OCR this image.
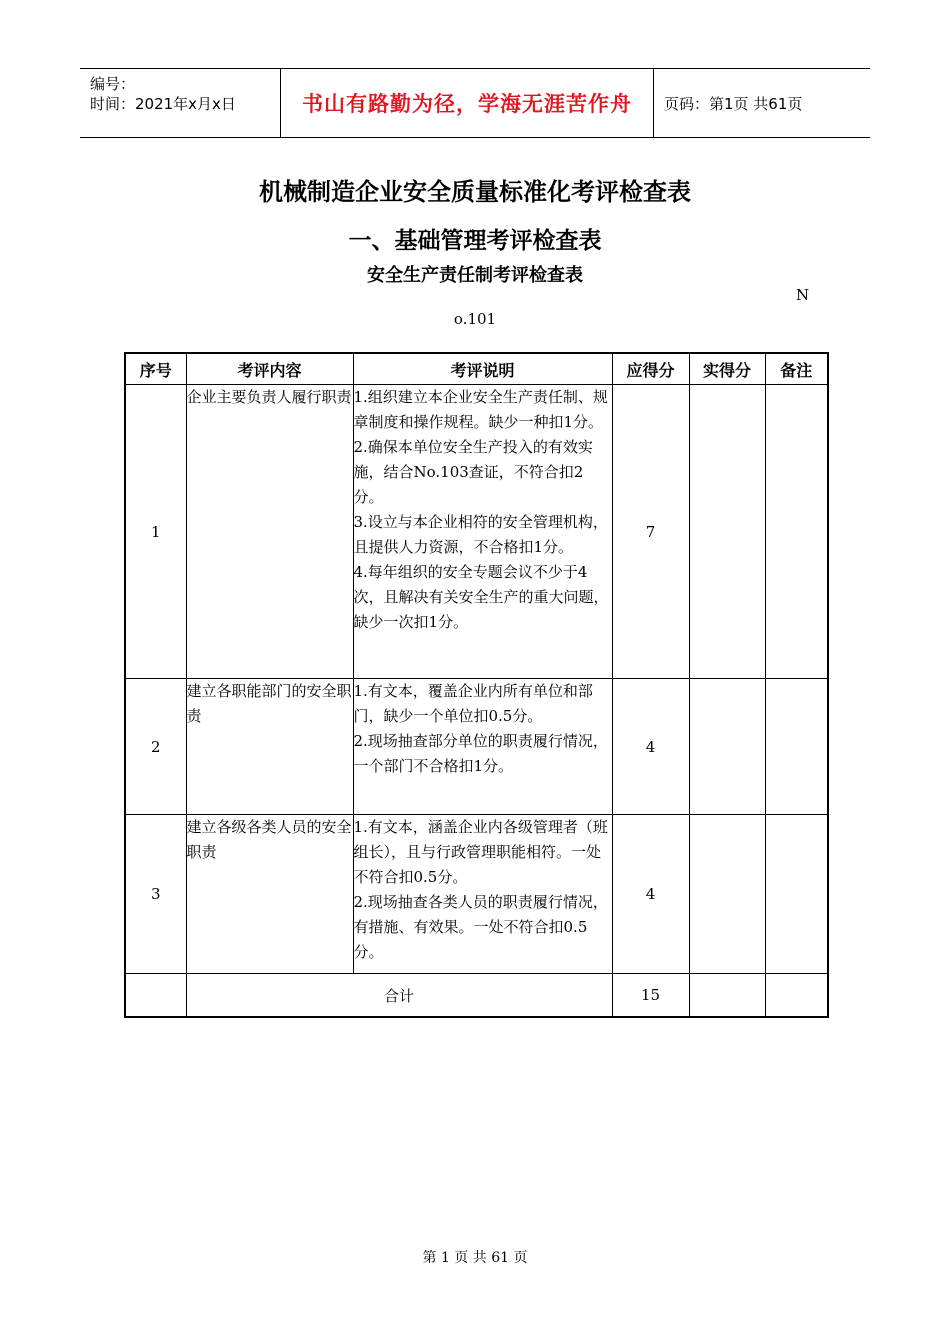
编号：
时间：2021年x月x日	书山有路勤为径，学海无涯苦作舟 页码：第1页 共61页
机械制造企业安全质量标准化考评检查表
一、基础管理考评检查表
安全生产责任制考评检查表
N
o.101
序号	考评内容	考评说明	应得分	实得分	备注
1	企业主要负责人履行职责	1.组织建立本企业安全生产责任制、规章制度和操作规程。缺少一种扣1分。
2.确保本单位安全生产投入的有效实施，结合No.103查证，不符合扣2分。
3.设立与本企业相符的安全管理机构，且提供人力资源，不合格扣1分。
4.每年组织的安全专题会议不少于4次，且解决有关安全生产的重大问题，缺少一次扣1分。	7		
2	建立各职能部门的安全职责	1.有文本，覆盖企业内所有单位和部门，缺少一个单位扣0.5分。
2.现场抽查部分单位的职责履行情况，一个部门不合格扣1分。	4		
3	建立各级各类人员的安全职责	1.有文本，涵盖企业内各级管理者（班组长），且与行政管理职能相符。一处不符合扣0.5分。
2.现场抽查各类人员的职责履行情况，有措施、有效果。一处不符合扣0.5分。	4		
	合计		15		
第 1 页 共 61 页
